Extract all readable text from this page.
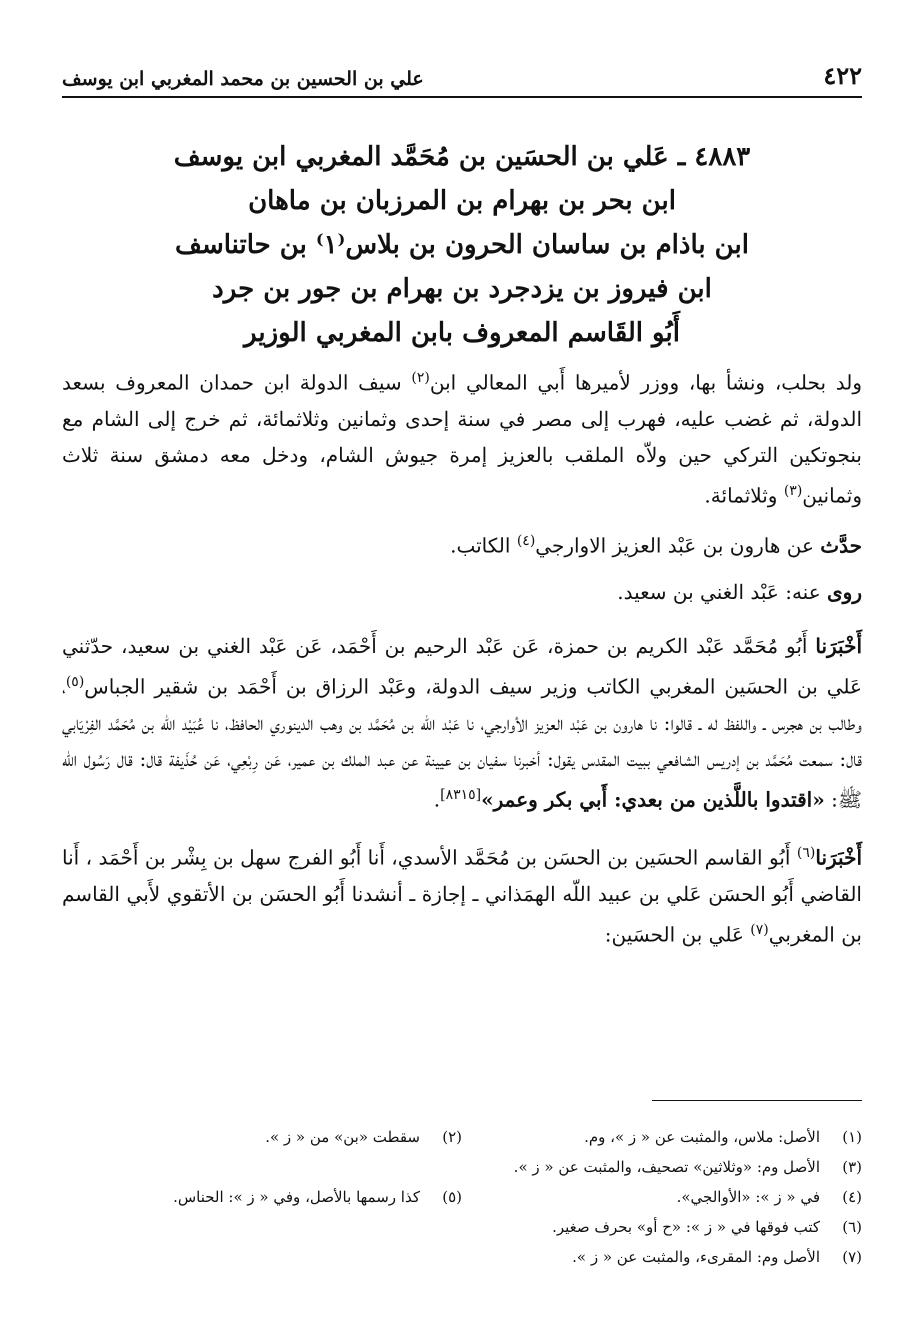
٤٢٢
علي بن الحسين بن محمد المغربي ابن يوسف
٤٨٨٣ ـ عَلي بن الحسَين بن مُحَمَّد المغربي ابن يوسف
ابن بحر بن بهرام بن المرزبان بن ماهان
ابن باذام بن ساسان الحرون بن بلاس⁽١⁾ بن حاتناسف
ابن فيروز بن يزدجرد بن بهرام بن جور بن جرد
أَبُو القَاسم المعروف بابن المغربي الوزير

ولد بحلب، ونشأ بها، ووزر لأميرها أَبي المعالي ابن$^{(٢)}$ سيف الدولة ابن حمدان المعروف بسعد الدولة، ثم غضب عليه، فهرب إلى مصر في سنة إحدى وثمانين وثلاثمائة، ثم خرج إلى الشام مع بنجوتكين التركي حين ولاّه الملقب بالعزيز إمرة جيوش الشام، ودخل معه دمشق سنة ثلاث وثمانين$^{(٣)}$ وثلاثمائة.

حدَّث عن هارون بن عَبْد العزيز الاوارجي$^{(٤)}$ الكاتب.

روى عنه: عَبْد الغني بن سعيد.

أَخْبَرَنا أَبُو مُحَمَّد عَبْد الكريم بن حمزة، عَن عَبْد الرحيم بن أَحْمَد، عَن عَبْد الغني بن سعيد، حدّثني عَلي بن الحسَين المغربي الكاتب وزير سيف الدولة، وعَبْد الرزاق بن أَحْمَد بن شقير الجباس$^{(٥)}$، وطالب بن هجرس ـ واللفظ له ـ قالوا: نا هارون بن عَبْد العزيز الأوارجي، نا عَبْد اللّه بن مُحَمَّد بن وهب الدينوري الحافظ، نا عُبَيْد اللّه بن مُحَمَّد الفِرْيَابي قال: سمعت مُحَمَّد بن إدريس الشافعي ببيت المقدس يقول: أخبرنا سفيان بن عيينة عن عبد الملك بن عمير، عَن رِبْعِي، عَن حُذَيفة قال: قال رَسُول اللّه ﷺ: «اقتدوا باللَّذين من بعدي: أَبي بكر وعمر»[٨٣١٥].

أَخْبَرَنا$^{(٦)}$ أَبُو القاسم الحسَين بن الحسَن بن مُحَمَّد الأسدي، أَنا أَبُو الفرج سهل بن بِشْر بن أَحْمَد ، أَنا القاضي أَبُو الحسَن عَلي بن عبيد اللّه الهمَذاني ـ إجازة ـ أنشدنا أَبُو الحسَن بن الأتقوي لأَبي القاسم بن المغربي$^{(٧)}$ عَلي بن الحسَين:

(١)
الأصل: ملاس، والمثبت عن « ز »، وم.
(٢)
سقطت «بن» من « ز ».
(٣)
الأصل وم: «وثلاثين» تصحيف، والمثبت عن « ز ».
(٤)
في « ز »: «الأوالجي».
(٥)
كذا رسمها بالأصل، وفي « ز »: الحناس.
(٦)
كتب فوقها في « ز »: «ح أو» بحرف صغير.
(٧)
الأصل وم: المقرىء، والمثبت عن « ز ».
